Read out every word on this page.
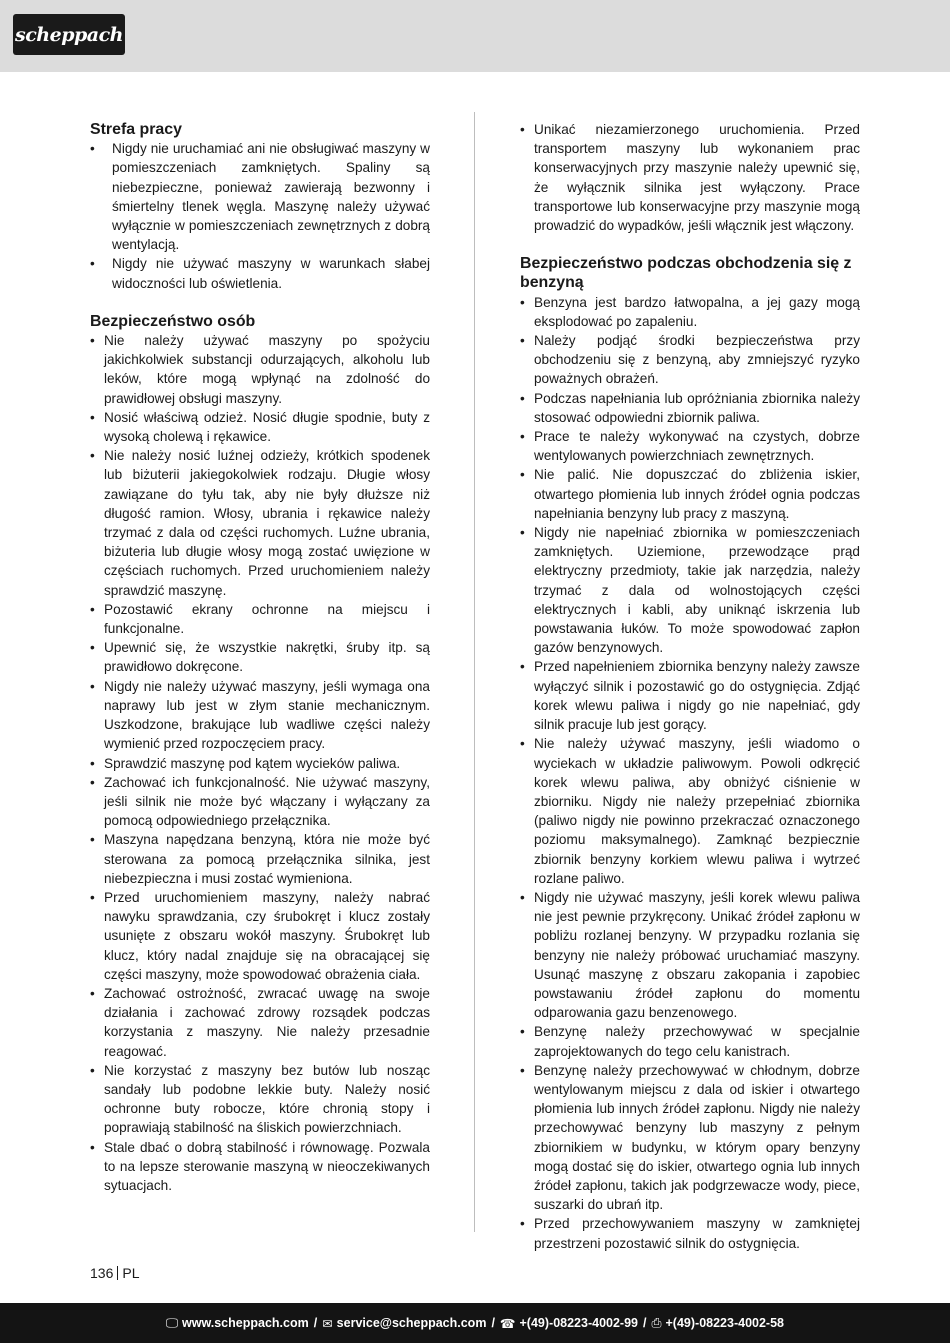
scheppach
Strefa pracy
• Nigdy nie uruchamiać ani nie obsługiwać maszyny w pomieszczeniach zamkniętych. Spaliny są niebezpieczne, ponieważ zawierają bezwonny i śmiertelny tlenek węgla. Maszynę należy używać wyłącznie w pomieszczeniach zewnętrznych z dobrą wentylacją.
• Nigdy nie używać maszyny w warunkach słabej widoczności lub oświetlenia.
Bezpieczeństwo osób
• Nie należy używać maszyny po spożyciu jakichkolwiek substancji odurzających, alkoholu lub leków, które mogą wpłynąć na zdolność do prawidłowej obsługi maszyny.
• Nosić właściwą odzież. Nosić długie spodnie, buty z wysoką cholewą i rękawice.
• Nie należy nosić luźnej odzieży, krótkich spodenek lub biżuterii jakiegokolwiek rodzaju. Długie włosy zawiązane do tyłu tak, aby nie były dłuższe niż długość ramion. Włosy, ubrania i rękawice należy trzymać z dala od części ruchomych. Luźne ubrania, biżuteria lub długie włosy mogą zostać uwięzione w częściach ruchomych. Przed uruchomieniem należy sprawdzić maszynę.
• Pozostawić ekrany ochronne na miejscu i funkcjonalne.
• Upewnić się, że wszystkie nakrętki, śruby itp. są prawidłowo dokręcone.
• Nigdy nie należy używać maszyny, jeśli wymaga ona naprawy lub jest w złym stanie mechanicznym. Uszkodzone, brakujące lub wadliwe części należy wymienić przed rozpoczęciem pracy.
• Sprawdzić maszynę pod kątem wycieków paliwa.
• Zachować ich funkcjonalność. Nie używać maszyny, jeśli silnik nie może być włączany i wyłączany za pomocą odpowiedniego przełącznika.
• Maszyna napędzana benzyną, która nie może być sterowana za pomocą przełącznika silnika, jest niebezpieczna i musi zostać wymieniona.
• Przed uruchomieniem maszyny, należy nabrać nawyku sprawdzania, czy śrubokręt i klucz zostały usunięte z obszaru wokół maszyny. Śrubokręt lub klucz, który nadal znajduje się na obracającej się części maszyny, może spowodować obrażenia ciała.
• Zachować ostrożność, zwracać uwagę na swoje działania i zachować zdrowy rozsądek podczas korzystania z maszyny. Nie należy przesadnie reagować.
• Nie korzystać z maszyny bez butów lub nosząc sandały lub podobne lekkie buty. Należy nosić ochronne buty robocze, które chronią stopy i poprawiają stabilność na śliskich powierzchniach.
• Stale dbać o dobrą stabilność i równowagę. Pozwala to na lepsze sterowanie maszyną w nieoczekiwanych sytuacjach.
• Unikać niezamierzonego uruchomienia. Przed transportem maszyny lub wykonaniem prac konserwacyjnych przy maszynie należy upewnić się, że wyłącznik silnika jest wyłączony. Prace transportowe lub konserwacyjne przy maszynie mogą prowadzić do wypadków, jeśli włącznik jest włączony.
Bezpieczeństwo podczas obchodzenia się z benzyną
• Benzyna jest bardzo łatwopalna, a jej gazy mogą eksplodować po zapaleniu.
• Należy podjąć środki bezpieczeństwa przy obchodzeniu się z benzyną, aby zmniejszyć ryzyko poważnych obrażeń.
• Podczas napełniania lub opróżniania zbiornika należy stosować odpowiedni zbiornik paliwa.
• Prace te należy wykonywać na czystych, dobrze wentylowanych powierzchniach zewnętrznych.
• Nie palić. Nie dopuszczać do zbliżenia iskier, otwartego płomienia lub innych źródeł ognia podczas napełniania benzyny lub pracy z maszyną.
• Nigdy nie napełniać zbiornika w pomieszczeniach zamkniętych. Uziemione, przewodzące prąd elektryczny przedmioty, takie jak narzędzia, należy trzymać z dala od wolnostojących części elektrycznych i kabli, aby uniknąć iskrzenia lub powstawania łuków. To może spowodować zapłon gazów benzynowych.
• Przed napełnieniem zbiornika benzyny należy zawsze wyłączyć silnik i pozostawić go do ostygnięcia. Zdjąć korek wlewu paliwa i nigdy go nie napełniać, gdy silnik pracuje lub jest gorący.
• Nie należy używać maszyny, jeśli wiadomo o wyciekach w układzie paliwowym. Powoli odkręcić korek wlewu paliwa, aby obniżyć ciśnienie w zbiorniku. Nigdy nie należy przepełniać zbiornika (paliwo nigdy nie powinno przekraczać oznaczonego poziomu maksymalnego). Zamknąć bezpiecznie zbiornik benzyny korkiem wlewu paliwa i wytrzeć rozlane paliwo.
• Nigdy nie używać maszyny, jeśli korek wlewu paliwa nie jest pewnie przykręcony. Unikać źródeł zapłonu w pobliżu rozlanej benzyny. W przypadku rozlania się benzyny nie należy próbować uruchamiać maszyny. Usunąć maszynę z obszaru zakopania i zapobiec powstawaniu źródeł zapłonu do momentu odparowania gazu benzenowego.
• Benzynę należy przechowywać w specjalnie zaprojektowanych do tego celu kanistrach.
• Benzynę należy przechowywać w chłodnym, dobrze wentylowanym miejscu z dala od iskier i otwartego płomienia lub innych źródeł zapłonu. Nigdy nie należy przechowywać benzyny lub maszyny z pełnym zbiornikiem w budynku, w którym opary benzyny mogą dostać się do iskier, otwartego ognia lub innych źródeł zapłonu, takich jak podgrzewacze wody, piece, suszarki do ubrań itp.
• Przed przechowywaniem maszyny w zamkniętej przestrzeni pozostawić silnik do ostygnięcia.
136 PL
🖵 www.scheppach.com / ✉ service@scheppach.com / ☎ +(49)-08223-4002-99 / ⎙ +(49)-08223-4002-58
